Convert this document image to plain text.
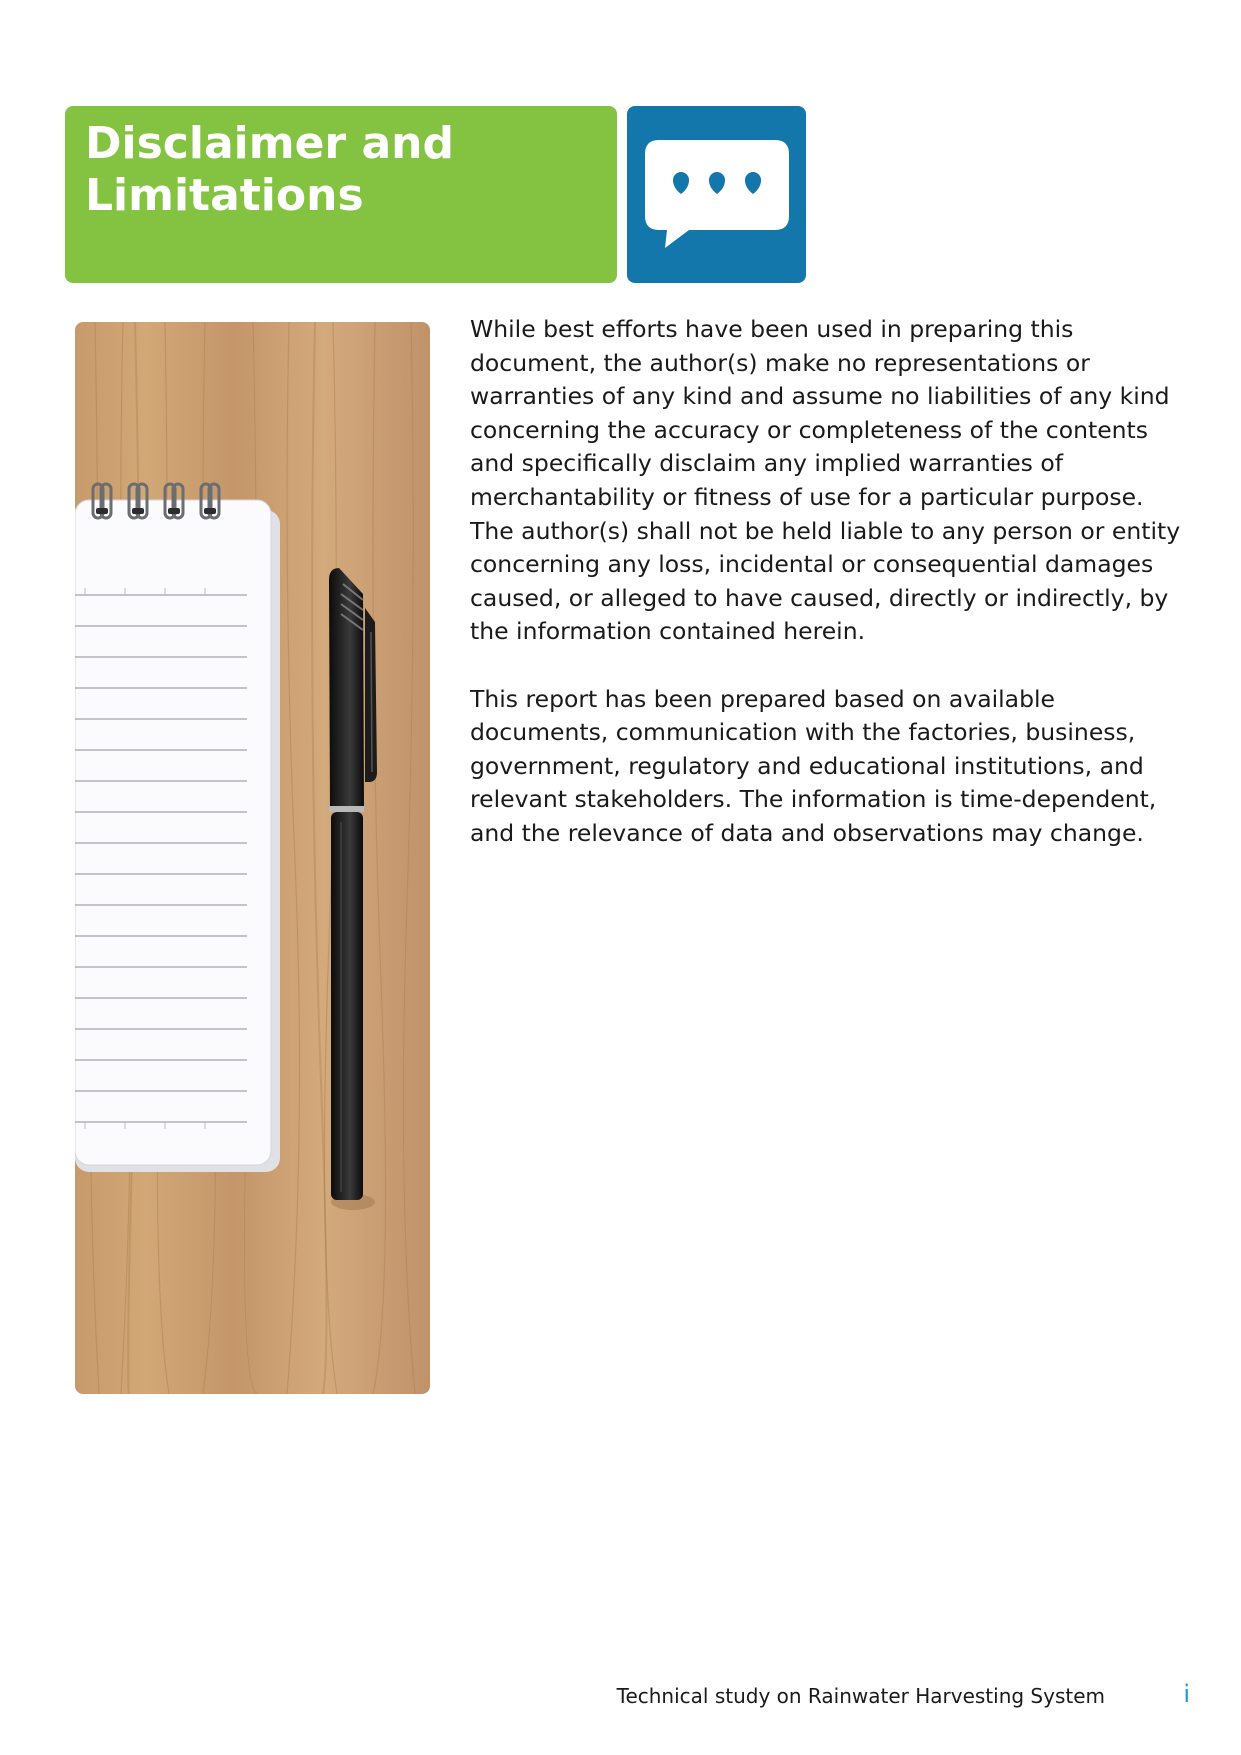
Disclaimer and
Limitations

While best efforts have been used in preparing this document, the author(s) make no representations or warranties of any kind and assume no liabilities of any kind concerning the accuracy or completeness of the contents and specifically disclaim any implied warranties of merchantability or fitness of use for a particular purpose. The author(s) shall not be held liable to any person or entity concerning any loss, incidental or consequential damages caused, or alleged to have caused, directly or indirectly, by the information contained herein.

This report has been prepared based on available documents, communication with the factories, business, government, regulatory and educational institutions, and relevant stakeholders. The information is time-dependent, and the relevance of data and observations may change.

Technical study on Rainwater Harvesting System	i
